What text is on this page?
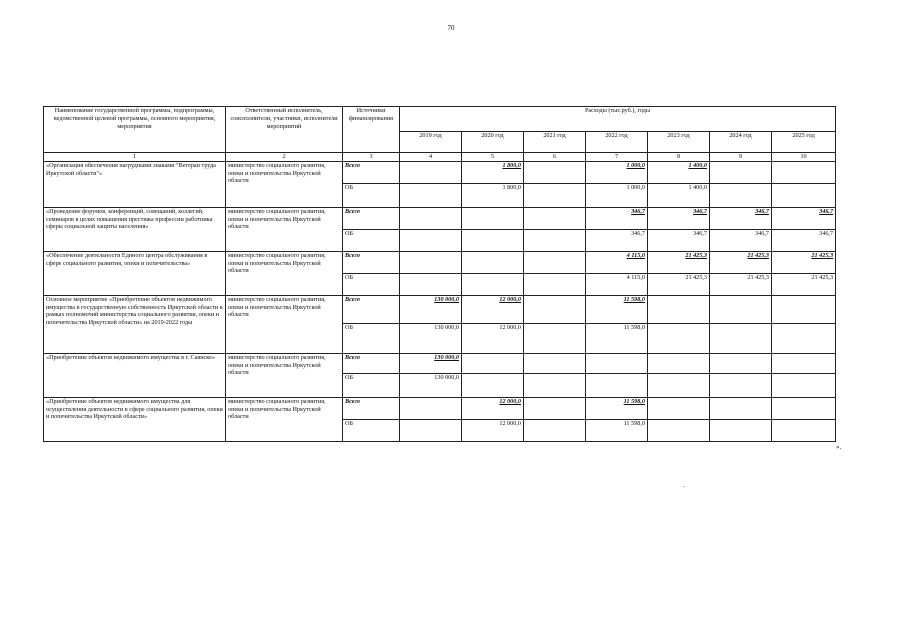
70
Наименование государственной программы, подпрограммы, ведомственной целевой программы, основного мероприятия, мероприятия	Ответственный исполнитель, соисполнители, участники, исполнители мероприятий	Источники финансирования	Расходы (тыс.руб.), годы						
			2019 год	2020 год	2021 год	2022 год	2023 год	2024 год	2025 год
1	2	3	4	5	6	7	8	9	10
«Организация обеспечения нагрудными знаками "Ветеран труда Иркутской области"»	министерство социального развития, опеки и попечительства Иркутской области	Всего		1 800,0		1 000,0	1 400,0		
		ОБ		1 800,0		1 000,0	1 400,0		
«Проведение форумов, конференций, совещаний, коллегий, семинаров в целях повышения престижа профессии работника сферы социальной защиты населения»	министерство социального развития, опеки и попечительства Иркутской области	Всего				346,7	346,7	346,7	346,7
		ОБ				346,7	346,7	346,7	346,7
«Обеспечение деятельности Единого центра обслуживания в сфере социального развития, опеки и попечительства»	министерство социального развития, опеки и попечительства Иркутской области	Всего				4 115,0	21 425,3	21 425,3	21 425,3
		ОБ				4 115,0	21 425,3	21 425,3	21 425,3
Основное мероприятие «Приобретение объектов недвижимого имущества в государственную собственность Иркутской области в рамках полномочий министерства социального развития, опеки и попечительства Иркутской области» на 2019-2022 годы	министерство социального развития, опеки и попечительства Иркутской области	Всего	130 000,0	12 000,0		11 598,0			
		ОБ	130 000,0	12 000,0		11 598,0			
«Приобретение объектов недвижимого имущества в г. Саянске»	министерство социального развития, опеки и попечительства Иркутской области	Всего	130 000,0						
		ОБ	130 000,0						
«Приобретение объектов недвижимого имущества для осуществления деятельности в сфере социального развития, опеки и попечительства Иркутской области»	министерство социального развития, опеки и попечительства Иркутской области	Всего		12 000,0		11 598,0			
		ОБ		12 000,0		11 598,0			
».
-
